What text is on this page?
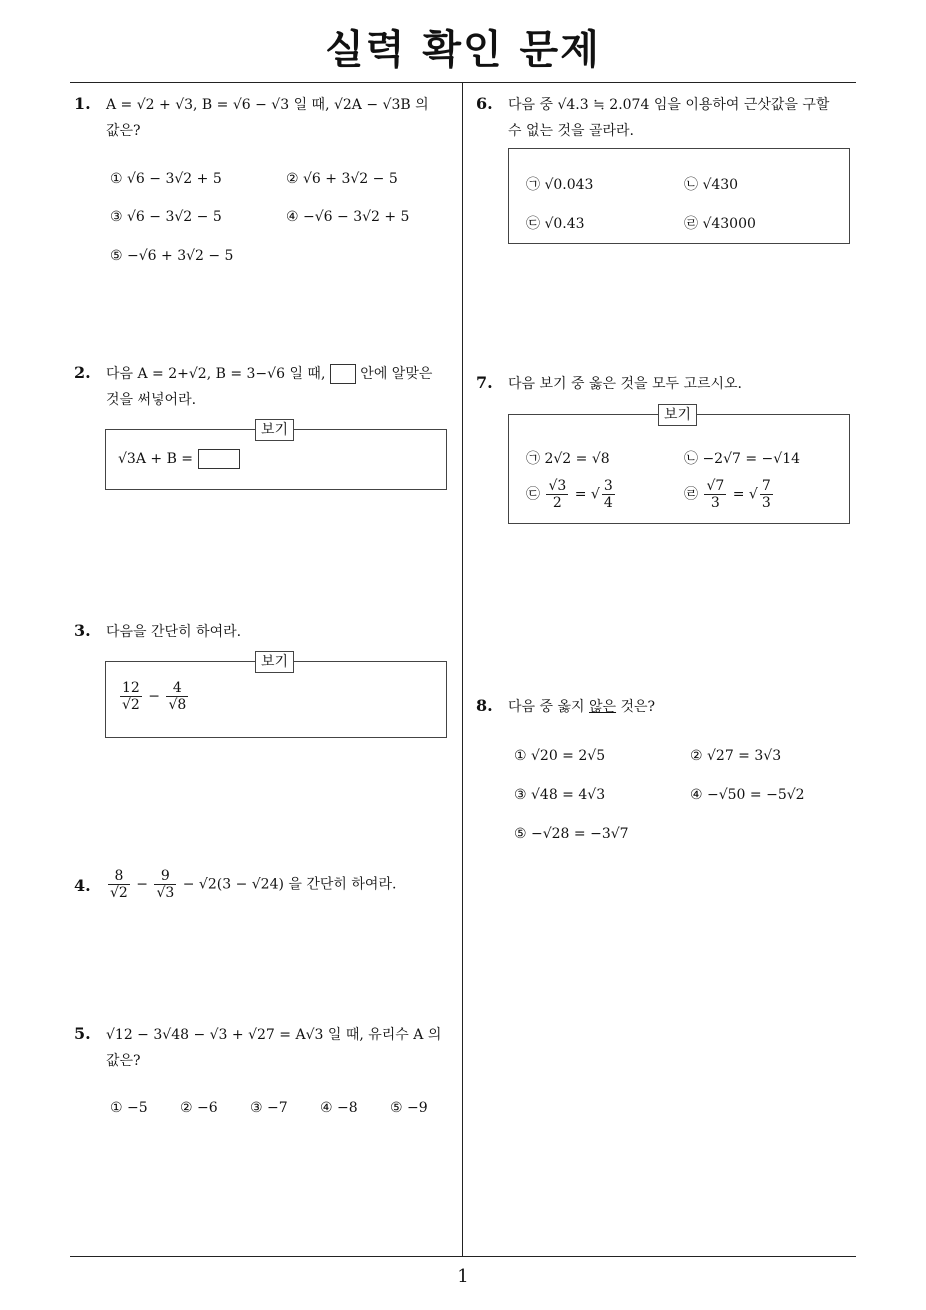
실력 확인 문제
1
1. A = √2 + √3, B = √6 − √3 일 때, √2A − √3B 의
값은?
① √6 − 3√2 + 5	② √6 + 3√2 − 5
③ √6 − 3√2 − 5	④ −√6 − 3√2 + 5
⑤ −√6 + 3√2 − 5
2. 다음 A = 2+√2, B = 3−√6 일 때, 안에 알맞은
것을 써넣어라.
보기
√3A + B =
3. 다음을 간단히 하여라.
보기
$\frac{12}{√2} - \frac{4}{√8}$
4. $\frac{8}{√2} - \frac{9}{√3} - √2(3 - √24)$ 을 간단히 하여라.
5. √12 − 3√48 − √3 + √27 = A√3 일 때, 유리수 A 의
값은?
① −5 ② −6 ③ −7 ④ −8 ⑤ −9
6. 다음 중 √4.3 ≒ 2.074 임을 이용하여 근삿값을 구할
수 없는 것을 골라라.
㉠ √0.043	㉡ √430
㉢ √0.43	㉣ √43000
7. 다음 보기 중 옳은 것을 모두 고르시오.
보기
㉠ 2√2 = √8	㉡ −2√7 = −√14
㉢ $\frac{√3}{2}$ = √ $\frac{3}{4}$	㉣ $\frac{√7}{3}$ = √ $\frac{7}{3}$
8. 다음 중 옳지 않은 것은?
① √20 = 2√5	② √27 = 3√3
③ √48 = 4√3	④ −√50 = −5√2
⑤ −√28 = −3√7
